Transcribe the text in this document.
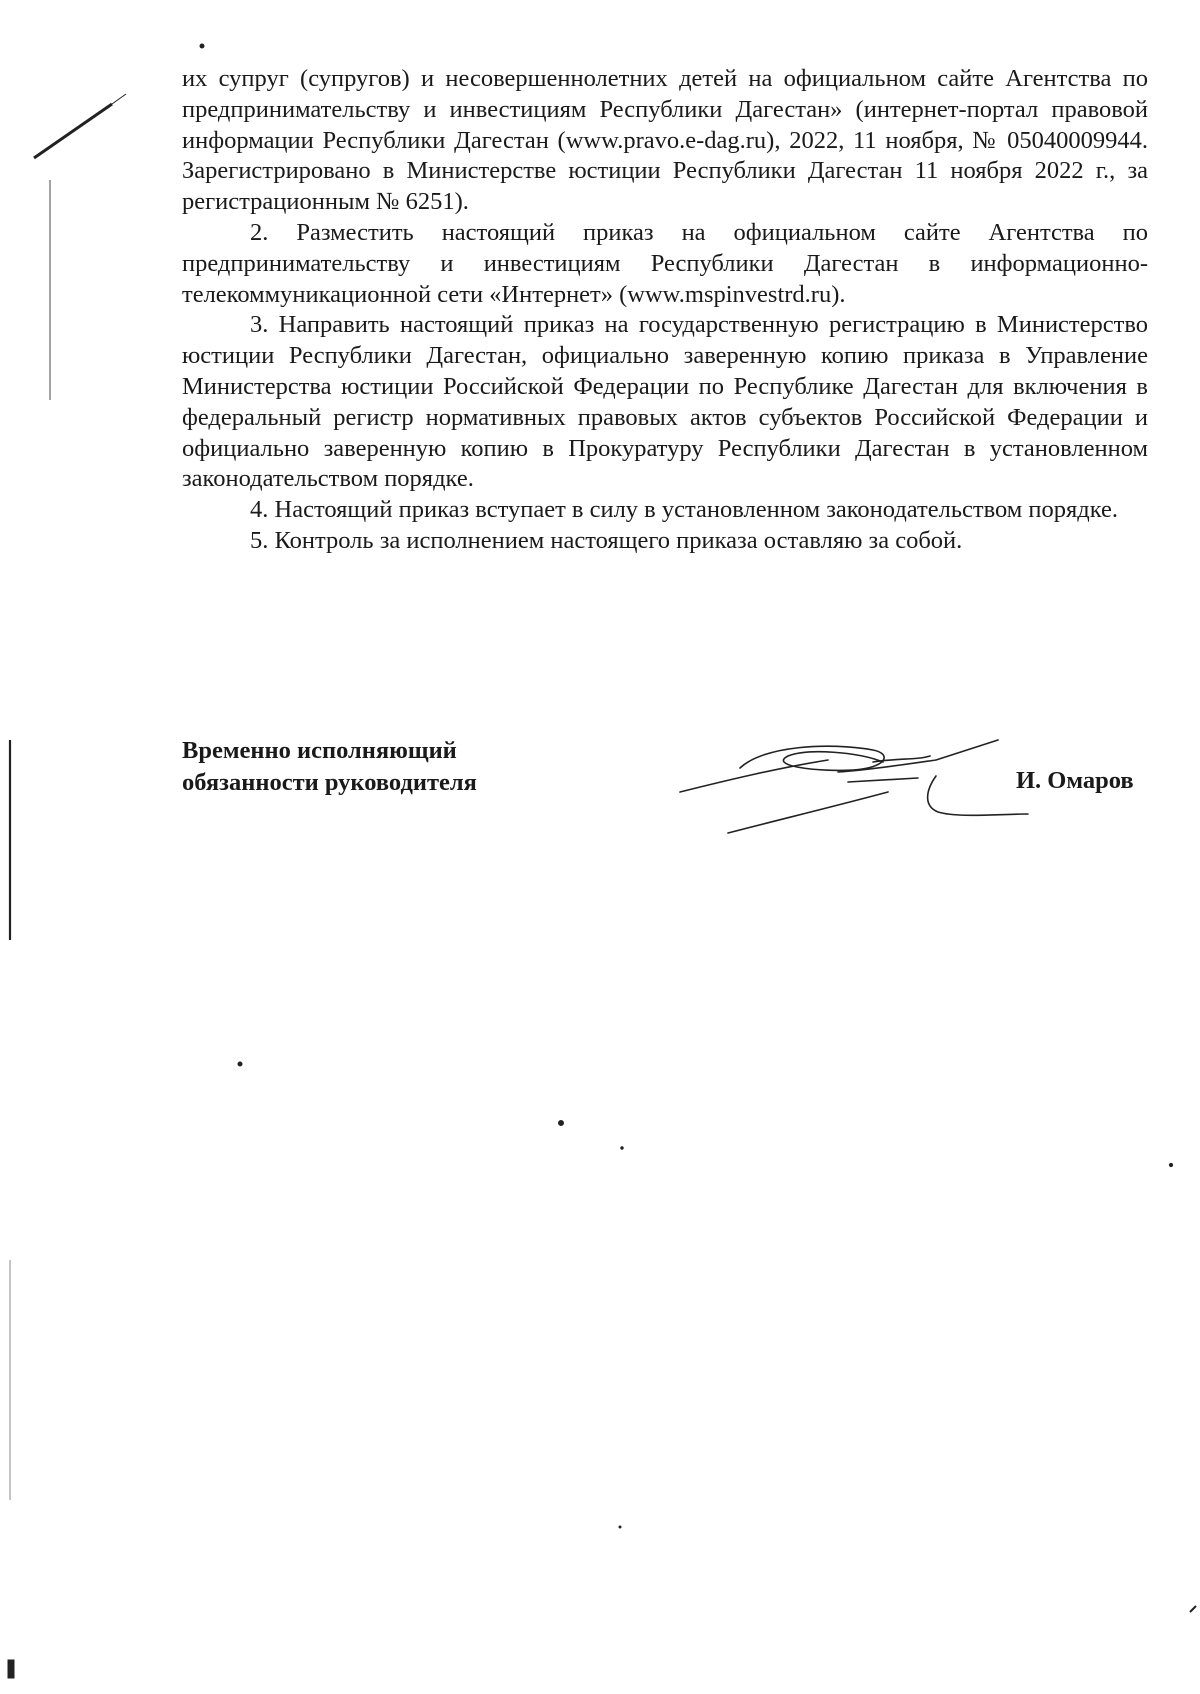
их супруг (супругов) и несовершеннолетних детей на официальном сайте Агентства по предпринимательству и инвестициям Республики Дагестан» (интернет-портал правовой информации Республики Дагестан (www.pravo.e-dag.ru), 2022, 11 ноября, № 05040009944. Зарегистрировано в Министерстве юстиции Республики Дагестан 11 ноября 2022 г., за регистрационным № 6251).

2. Разместить настоящий приказ на официальном сайте Агентства по предпринимательству и инвестициям Республики Дагестан в информационно-телекоммуникационной сети «Интернет» (www.mspinvestrd.ru).

3. Направить настоящий приказ на государственную регистрацию в Министерство юстиции Республики Дагестан, официально заверенную копию приказа в Управление Министерства юстиции Российской Федерации по Республике Дагестан для включения в федеральный регистр нормативных правовых актов субъектов Российской Федерации и официально заверенную копию в Прокуратуру Республики Дагестан в установленном законодательством порядке.

4. Настоящий приказ вступает в силу в установленном законодательством порядке.

5. Контроль за исполнением настоящего приказа оставляю за собой.

Временно исполняющий
обязанности руководителя	И. Омаров
